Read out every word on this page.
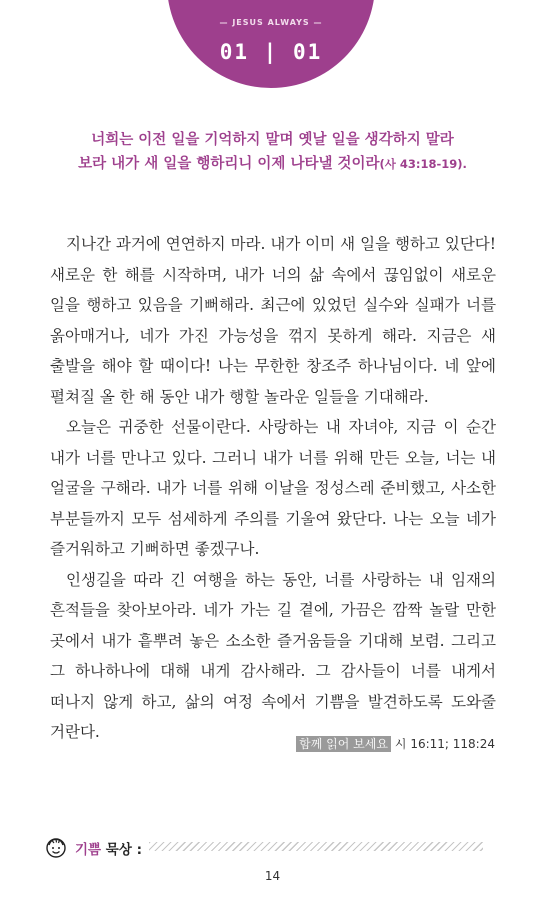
— JESUS ALWAYS —
01 | 01
너희는 이전 일을 기억하지 말며 옛날 일을 생각하지 말라
보라 내가 새 일을 행하리니 이제 나타낼 것이라(사 43:18-19).

지나간 과거에 연연하지 마라. 내가 이미 새 일을 행하고 있단다! 새로운 한 해를 시작하며, 내가 너의 삶 속에서 끊임없이 새로운 일을 행하고 있음을 기뻐해라. 최근에 있었던 실수와 실패가 너를 옭아매거나, 네가 가진 가능성을 꺾지 못하게 해라. 지금은 새 출발을 해야 할 때이다! 나는 무한한 창조주 하나님이다. 네 앞에 펼쳐질 올 한 해 동안 내가 행할 놀라운 일들을 기대해라.

오늘은 귀중한 선물이란다. 사랑하는 내 자녀야, 지금 이 순간 내가 너를 만나고 있다. 그러니 내가 너를 위해 만든 오늘, 너는 내 얼굴을 구해라. 내가 너를 위해 이날을 정성스레 준비했고, 사소한 부분들까지 모두 섬세하게 주의를 기울여 왔단다. 나는 오늘 네가 즐거워하고 기뻐하면 좋겠구나.

인생길을 따라 긴 여행을 하는 동안, 너를 사랑하는 내 임재의 흔적들을 찾아보아라. 네가 가는 길 곁에, 가끔은 깜짝 놀랄 만한 곳에서 내가 흩뿌려 놓은 소소한 즐거움들을 기대해 보렴. 그리고 그 하나하나에 대해 내게 감사해라. 그 감사들이 너를 내게서 떠나지 않게 하고, 삶의 여정 속에서 기쁨을 발견하도록 도와줄 거란다.

함께 읽어 보세요 시 16:11; 118:24
기쁨 묵상 :
14
